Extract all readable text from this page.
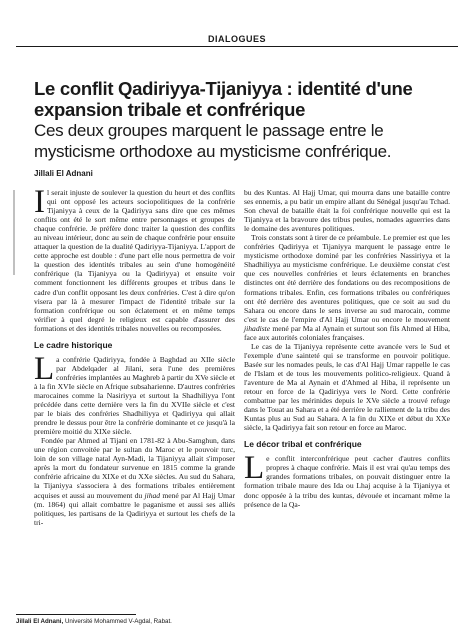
DIALOGUES
Le conflit Qadiriyya-Tijaniyya : identité d'une expansion tribale et confrérique
Ces deux groupes marquent le passage entre le mysticisme orthodoxe au mysticisme confrérique.
Jillali El Adnani

Il serait injuste de soulever la question du heurt et des conflits qui ont opposé les acteurs sociopolitiques de la confrérie Tijaniyya à ceux de la Qadiriyya sans dire que ces mêmes conflits ont été le sort même entre personnages et groupes de chaque confrérie. Je préfère donc traiter la question des conflits au niveau intérieur, donc au sein de chaque confrérie pour ensuite attaquer la question de la dualité Qadiriyya-Tijaniyya. L'apport de cette approche est double : d'une part elle nous permettra de voir la question des identités tribales au sein d'une homogénéité confrérique (la Tijaniyya ou la Qadiriyya) et ensuite voir comment fonctionnent les différents groupes et tribus dans le cadre d'un conflit opposant les deux confréries. C'est à dire qu'on visera par là à mesurer l'impact de l'identité tribale sur la formation confrérique ou son éclatement et en même temps vérifier à quel degré le religieux est capable d'assurer des formations et des identités tribales nouvelles ou recomposées.

Le cadre historique

La confrérie Qadiriyya, fondée à Baghdad au XIIe siècle par Abdelqader al Jilani, sera l'une des premières confréries implantées au Maghreb à partir du XVe siècle et à la fin XVIe siècle en Afrique subsaharienne. D'autres confréries marocaines comme la Nasiriyya et surtout la Shadhiliyya l'ont précédée dans cette dernière vers la fin du XVIIe siècle et c'est par le biais des confréries Shadhiliyya et Qadiriyya qui allait prendre le dessus pour être la confrérie dominante et ce jusqu'à la première moitié du XIXe siècle.

Fondée par Ahmed al Tijani en 1781-82 à Abu-Samghun, dans une région convoitée par le sultan du Maroc et le pouvoir turc, loin de son village natal Ayn-Madi, la Tijaniyya allait s'imposer après la mort du fondateur survenue en 1815 comme la grande confrérie africaine du XIXe et du XXe siècles. Au sud du Sahara, la Tijaniyya s'associera à des formations tribales entièrement acquises et aussi au mouvement du jihad mené par Al Hajj Umar (m. 1864) qui allait combattre le paganisme et aussi ses alliés politiques, les partisans de la Qadiriyya et surtout les chefs de la tri-

bu des Kuntas. Al Hajj Umar, qui mourra dans une bataille contre ses ennemis, a pu batir un empire allant du Sénégal jusqu'au Tchad. Son cheval de bataille était la foi confrérique nouvelle qui est la Tijaniyya et la bravoure des tribus peules, nomades aguerries dans le domaine des aventures politiques.

Trois constats sont à tirer de ce préambule. Le premier est que les confréries Qadiriyya et Tijaniyya marquent le passage entre le mysticisme orthodoxe dominé par les confréries Nassiriyya et la Shadhiliyya au mysticisme confrérique. Le deuxième constat c'est que ces nouvelles confréries et leurs éclatements en branches distinctes ont été derrière des fondations ou des recompositions de formations tribales. Enfin, ces formations tribales ou confrériques ont été derrière des aventures politiques, que ce soit au sud du Sahara ou encore dans le sens inverse au sud marocain, comme c'est le cas de l'empire d'Al Hajj Umar ou encore le mouvement jihadiste mené par Ma al Aynain et surtout son fils Ahmed al Hiba, face aux autorités coloniales françaises.

Le cas de la Tijaniyya représente cette avancée vers le Sud et l'exemple d'une sainteté qui se transforme en pouvoir politique. Basée sur les nomades peuls, le cas d'Al Hajj Umar rappelle le cas de l'Islam et de tous les mouvements politico-religieux. Quand à l'aventure de Ma al Aynain et d'Ahmed al Hiba, il représente un retour en force de la Qadiriyya vers le Nord. Cette confrérie combattue par les mérinides depuis le XVe siècle a trouvé refuge dans le Touat au Sahara et a été derrière le ralliement de la tribu des Kuntas plus au Sud au Sahara. A la fin du XIXe et début du XXe siècle, la Qadiriyya fait son retour en force au Maroc.

Le décor tribal et confrérique

Le conflit interconfrérique peut cacher d'autres conflits propres à chaque confrérie. Mais il est vrai qu'au temps des grandes formations tribales, on pouvait distinguer entre la formation tribale maure des Ida ou Lhaj acquise à la Tijaniyya et donc opposée à la tribu des kuntas, dévouée et incarnant même la présence de la Qa-

Jillali El Adnani, Université Mohammed V-Agdal, Rabat.
